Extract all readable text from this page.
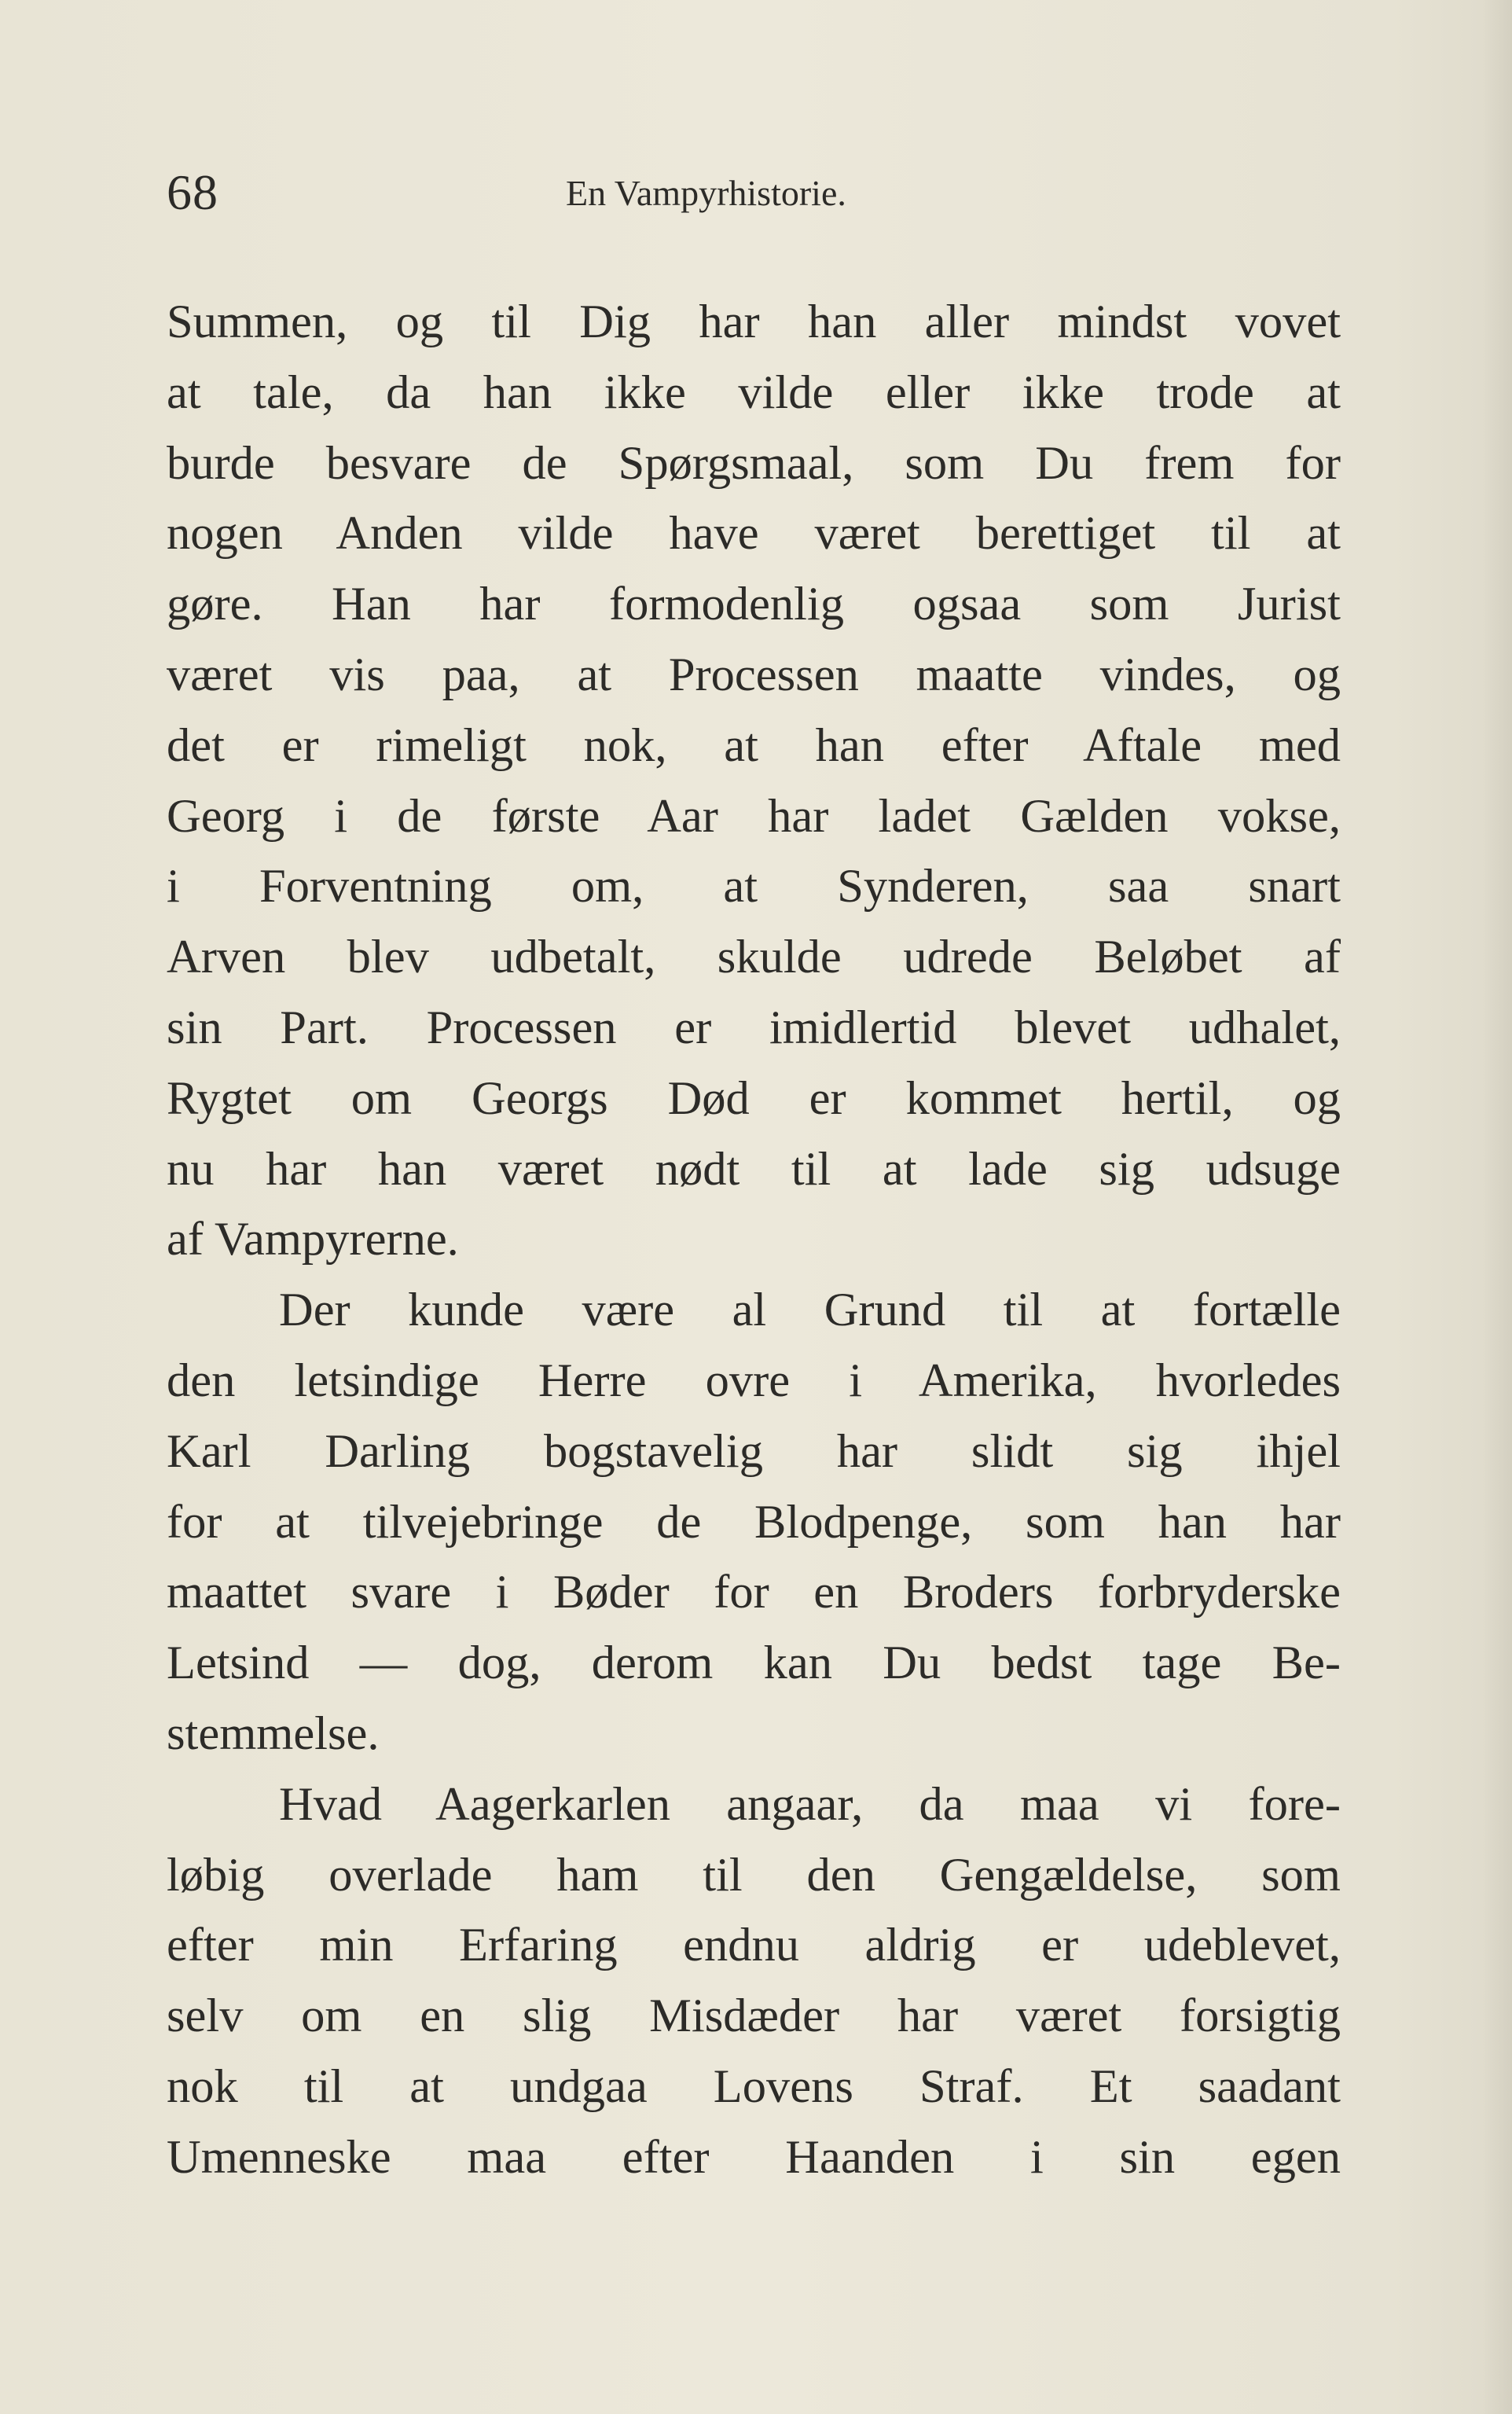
68	En Vampyrhistorie.
Summen, og til Dig har han aller mindst vovet
at tale, da han ikke vilde eller ikke trode at
burde besvare de Spørgsmaal, som Du frem for
nogen Anden vilde have været berettiget til at
gøre. Han har formodenlig ogsaa som Jurist
været vis paa, at Processen maatte vindes, og
det er rimeligt nok, at han efter Aftale med
Georg i de første Aar har ladet Gælden vokse,
i Forventning om, at Synderen, saa snart
Arven blev udbetalt, skulde udrede Beløbet af
sin Part. Processen er imidlertid blevet udhalet,
Rygtet om Georgs Død er kommet hertil, og
nu har han været nødt til at lade sig udsuge
af Vampyrerne.
Der kunde være al Grund til at fortælle
den letsindige Herre ovre i Amerika, hvorledes
Karl Darling bogstavelig har slidt sig ihjel
for at tilvejebringe de Blodpenge, som han har
maattet svare i Bøder for en Broders forbryderske
Letsind — dog, derom kan Du bedst tage Be-
stemmelse.
Hvad Aagerkarlen angaar, da maa vi fore-
løbig overlade ham til den Gengældelse, som
efter min Erfaring endnu aldrig er udeblevet,
selv om en slig Misdæder har været forsigtig
nok til at undgaa Lovens Straf. Et saadant
Umenneske maa efter Haanden i sin egen
